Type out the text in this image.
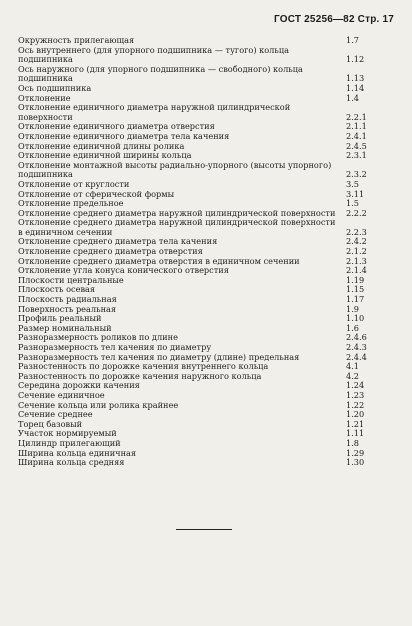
ГОСТ 25256—82 Стр. 17
Окружность прилегающая	1.7
Ось внутреннего (для упорного подшипника — тугого) кольца подшипника	1.12
Ось наружного (для упорного подшипника — свободного) кольца подшипника	1.13
Ось подшипника	1.14
Отклонение	1.4
Отклонение единичного диаметра наружной цилиндрической поверхности	2.2.1
Отклонение единичного диаметра отверстия	2.1.1
Отклонение единичного диаметра тела качения	2.4.1
Отклонение единичной длины ролика	2.4.5
Отклонение единичной ширины кольца	2.3.1
Отклонение монтажной высоты радиально-упорного (высоты упорного) подшипника	2.3.2
Отклонение от круглости	3.5
Отклонение от сферической формы	3.11
Отклонение предельное	1.5
Отклонение среднего диаметра наружной цилиндрической поверхности	2.2.2
Отклонение среднего диаметра наружной цилиндрической поверхности в единичном сечении	2.2.3
Отклонение среднего диаметра тела качения	2.4.2
Отклонение среднего диаметра отверстия	2.1.2
Отклонение среднего диаметра отверстия в единичном сечении	2.1.3
Отклонение угла конуса конического отверстия	2.1.4
Плоскости центральные	1.19
Плоскость осевая	1.15
Плоскость радиальная	1.17
Поверхность реальная	1.9
Профиль реальный	1.10
Размер номинальный	1.6
Разноразмерность роликов по длине	2.4.6
Разноразмерность тел качения по диаметру	2.4.3
Разноразмерность тел качения по диаметру (длине) предельная	2.4.4
Разностенность по дорожке качения внутреннего кольца	4.1
Разностенность по дорожке качения наружного кольца	4.2
Середина дорожки качения	1.24
Сечение единичное	1.23
Сечение кольца или ролика крайнее	1.22
Сечение среднее	1.20
Торец базовый	1.21
Участок нормируемый	1.11
Цилиндр прилегающий	1.8
Ширина кольца единичная	1.29
Ширина кольца средняя	1.30
